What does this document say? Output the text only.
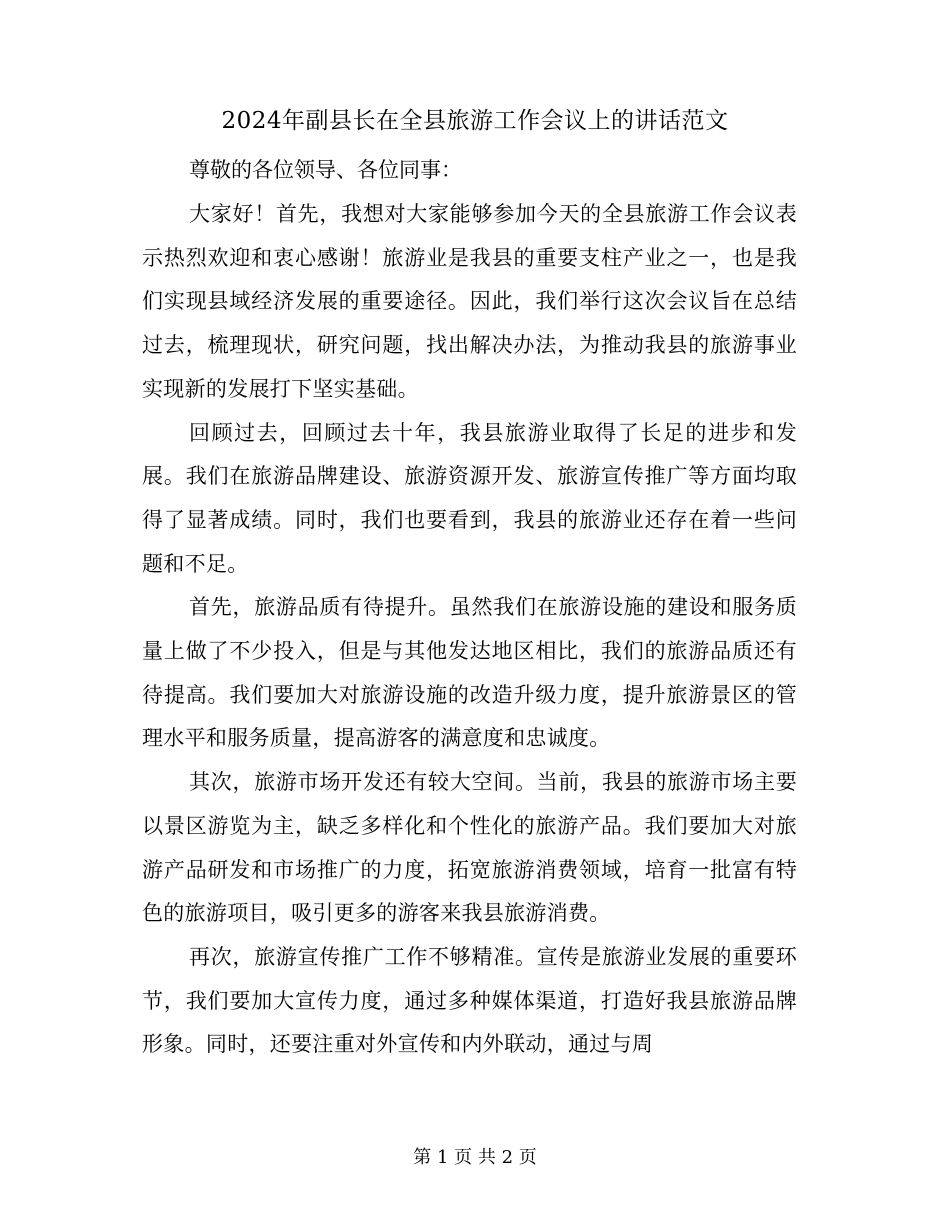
2024年副县长在全县旅游工作会议上的讲话范文
尊敬的各位领导、各位同事：

大家好！首先，我想对大家能够参加今天的全县旅游工作会议表示热烈欢迎和衷心感谢！旅游业是我县的重要支柱产业之一，也是我们实现县域经济发展的重要途径。因此，我们举行这次会议旨在总结过去，梳理现状，研究问题，找出解决办法，为推动我县的旅游事业实现新的发展打下坚实基础。

回顾过去，回顾过去十年，我县旅游业取得了长足的进步和发展。我们在旅游品牌建设、旅游资源开发、旅游宣传推广等方面均取得了显著成绩。同时，我们也要看到，我县的旅游业还存在着一些问题和不足。

首先，旅游品质有待提升。虽然我们在旅游设施的建设和服务质量上做了不少投入，但是与其他发达地区相比，我们的旅游品质还有待提高。我们要加大对旅游设施的改造升级力度，提升旅游景区的管理水平和服务质量，提高游客的满意度和忠诚度。

其次，旅游市场开发还有较大空间。当前，我县的旅游市场主要以景区游览为主，缺乏多样化和个性化的旅游产品。我们要加大对旅游产品研发和市场推广的力度，拓宽旅游消费领域，培育一批富有特色的旅游项目，吸引更多的游客来我县旅游消费。

再次，旅游宣传推广工作不够精准。宣传是旅游业发展的重要环节，我们要加大宣传力度，通过多种媒体渠道，打造好我县旅游品牌形象。同时，还要注重对外宣传和内外联动，通过与周

第 1 页 共 2 页
